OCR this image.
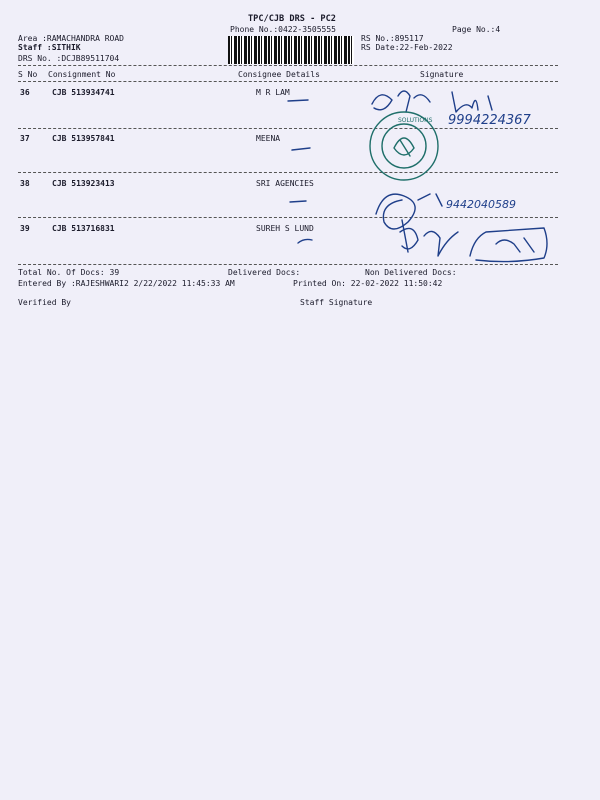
TPC/CJB DRS - PC2
Phone No.:0422-3505555	Page No.:4
Area :RAMACHANDRA ROAD
Staff :SITHIK
DRS No. :DCJB89511704
RS No.:895117
RS Date:22-Feb-2022
S No Consignment No	Consignee Details	Signature
36	CJB 513934741	M R LAM
37	CJB 513957841	MEENA
38	CJB 513923413	SRI AGENCIES
39	CJB 513716831	SUREH S LUND
Total No. Of Docs: 39	Delivered Docs:	Non Delivered Docs:
Entered By :RAJESHWARI2 2/22/2022 11:45:33 AM	Printed On: 22-02-2022 11:50:42
Verified By	Staff Signature
9994224367
SOLUTIONS
9442040589
